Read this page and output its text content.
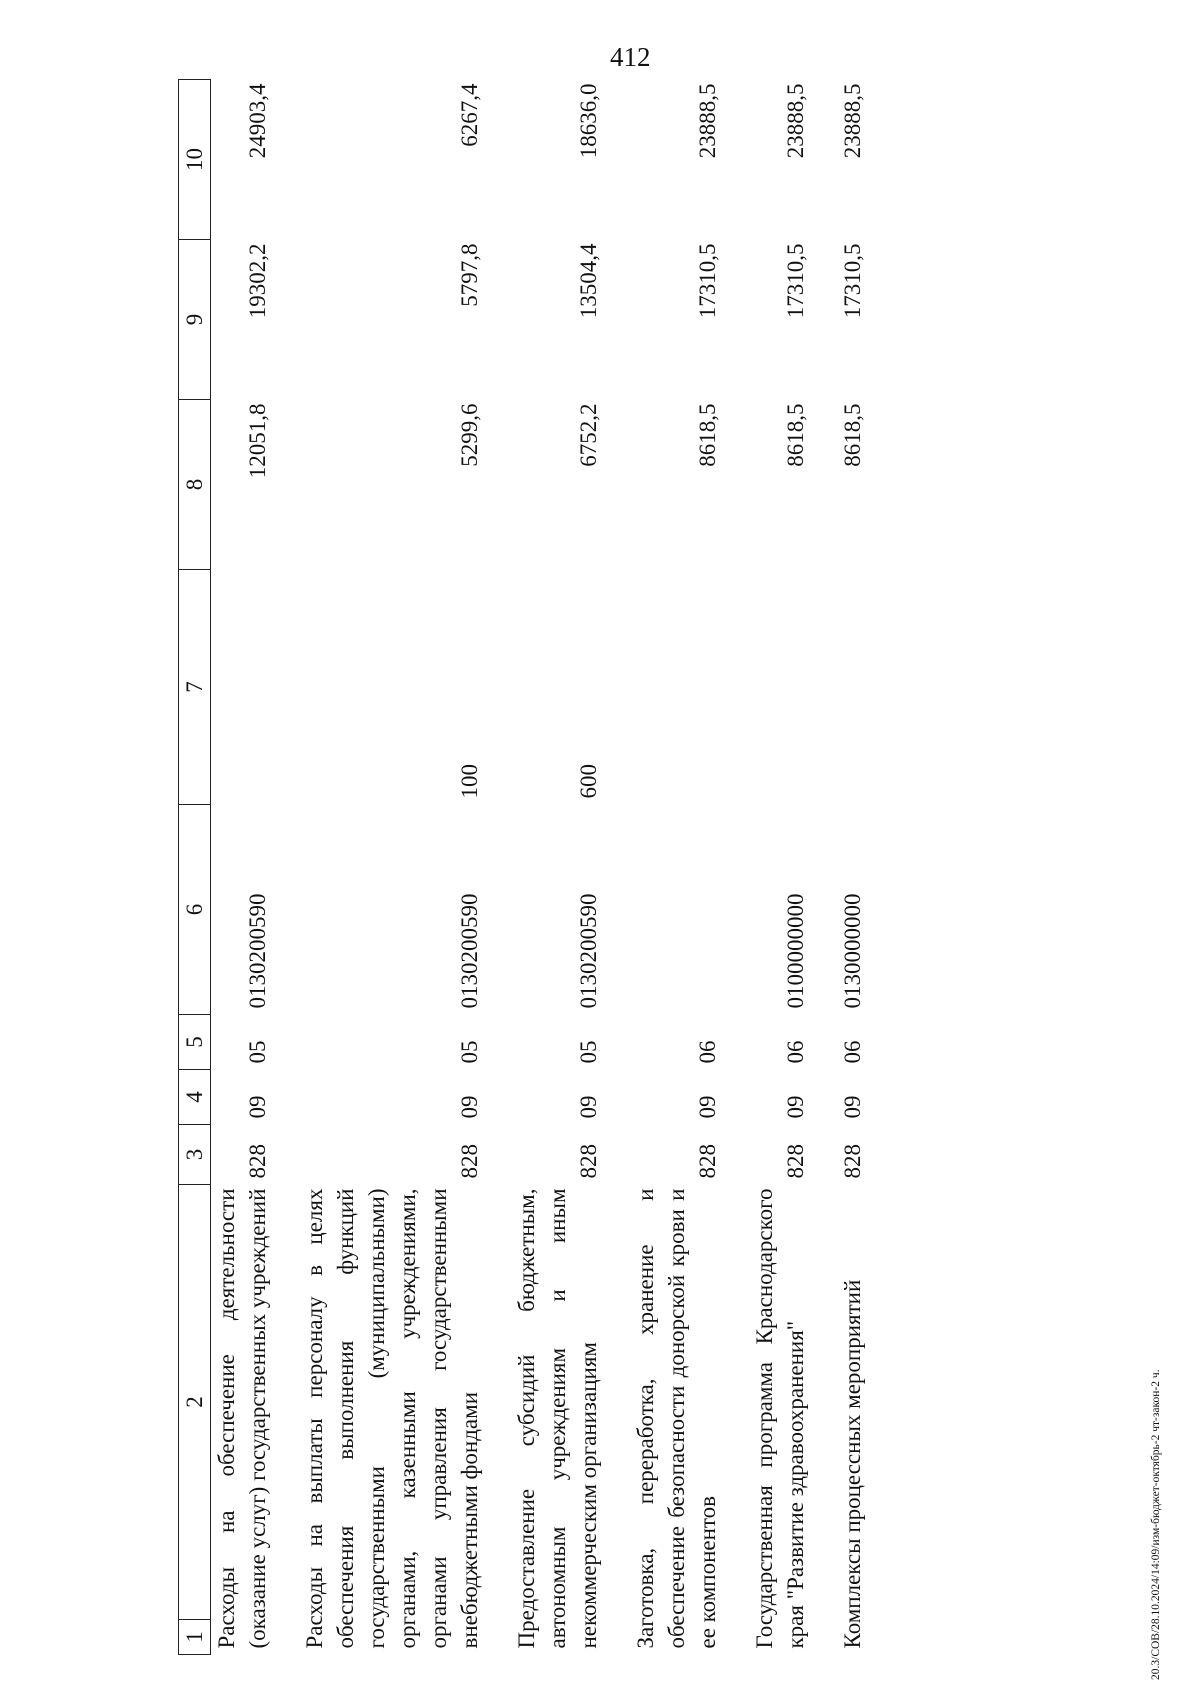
412
1	2	3	4	5	6	7	8	9	10
Расходы на обеспечение деятельности (оказание услуг) государственных учреждений		828	09	05	0130200590		12051,8	19302,2	24903,4

Расходы на выплаты персоналу в целях обеспечения выполнения функций государственными (муниципальными) органами, казенными учреждениями, органами управления государственными внебюджетными фондами		828	09	05	0130200590	100	5299,6	5797,8	6267,4

Предоставление субсидий бюджетным, автономным учреждениям и иным некоммерческим организациям		828	09	05	0130200590	600	6752,2	13504,4	18636,0

Заготовка, переработка, хранение и обеспечение безопасности донорской крови и ее компонентов		828	09	06			8618,5	17310,5	23888,5

Государственная программа Краснодарского края "Развитие здравоохранения"		828	09	06	0100000000		8618,5	17310,5	23888,5

Комплексы процессных мероприятий		828	09	06	0130000000		8618,5	17310,5	23888,5
20.3/СОВ/28.10.2024/14:09/изм-бюджет-октябрь-2 чт-закон-2 ч.
